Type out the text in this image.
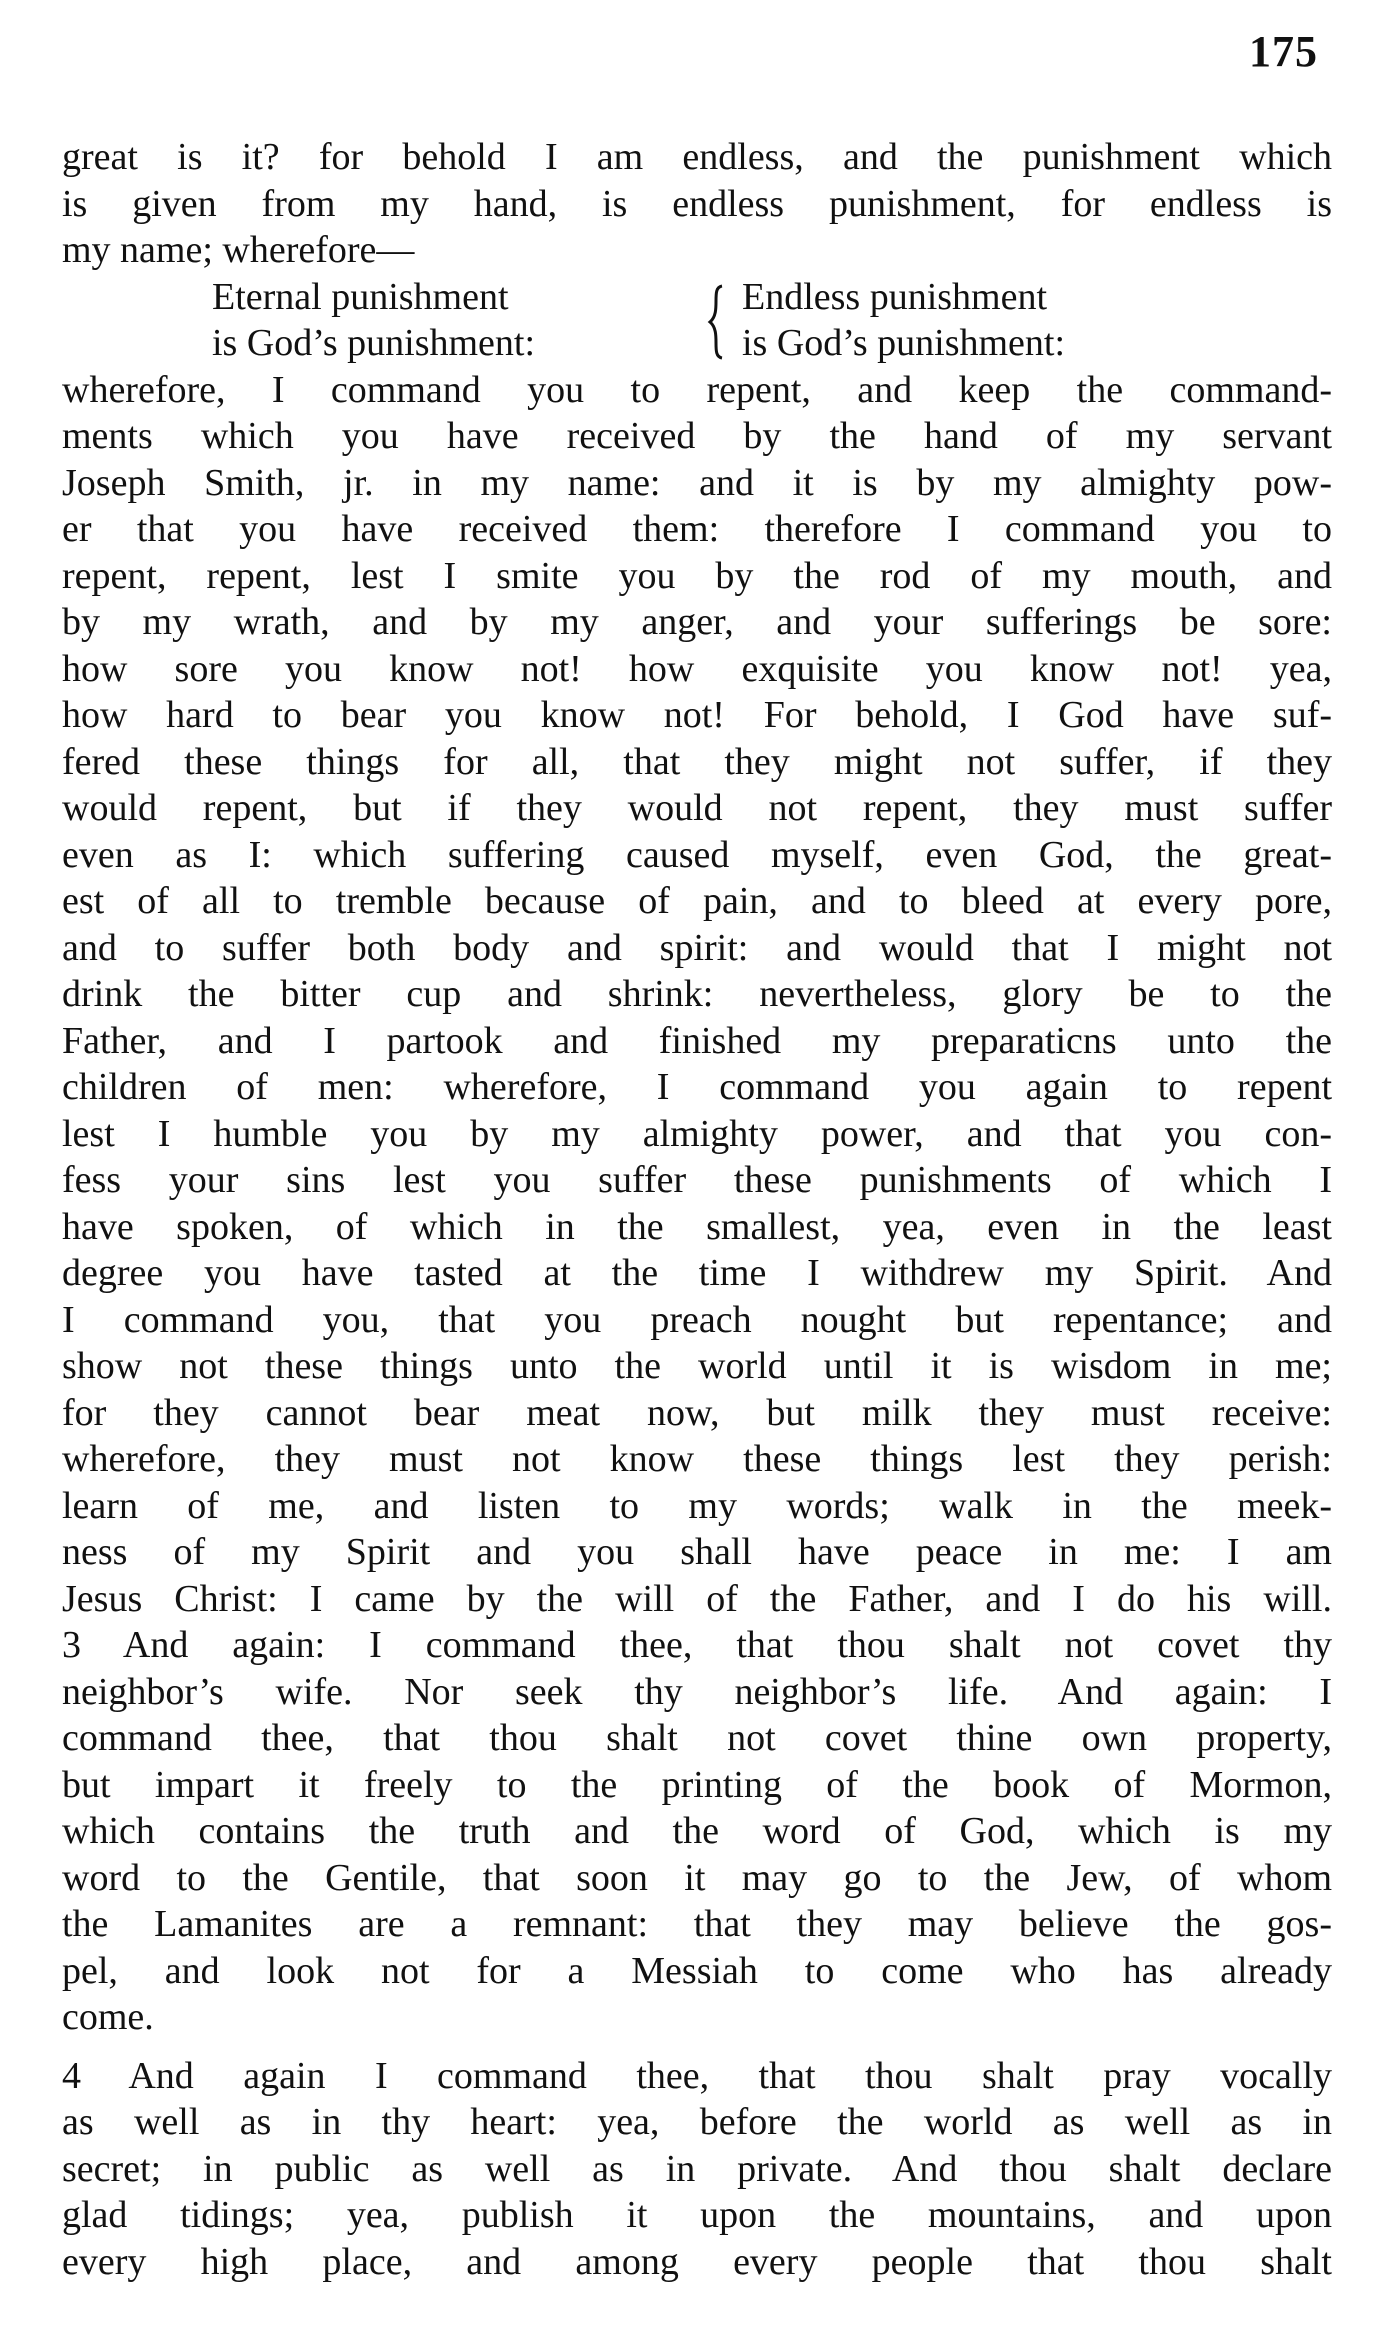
175
great is it? for behold I am endless, and the punishment which
is given from my hand, is endless punishment, for endless is
my name; wherefore—
Eternal punishment
is God’s punishment:
Endless punishment
is God’s punishment:
wherefore, I command you to repent, and keep the command-
ments which you have received by the hand of my servant
Joseph Smith, jr. in my name: and it is by my almighty pow-
er that you have received them: therefore I command you to
repent, repent, lest I smite you by the rod of my mouth, and
by my wrath, and by my anger, and your sufferings be sore:
how sore you know not! how exquisite you know not! yea,
how hard to bear you know not! For behold, I God have suf-
fered these things for all, that they might not suffer, if they
would repent, but if they would not repent, they must suffer
even as I: which suffering caused myself, even God, the great-
est of all to tremble because of pain, and to bleed at every pore,
and to suffer both body and spirit: and would that I might not
drink the bitter cup and shrink: nevertheless, glory be to the
Father, and I partook and finished my preparaticns unto the
children of men: wherefore, I command you again to repent
lest I humble you by my almighty power, and that you con-
fess your sins lest you suffer these punishments of which I
have spoken, of which in the smallest, yea, even in the least
degree you have tasted at the time I withdrew my Spirit. And
I command you, that you preach nought but repentance; and
show not these things unto the world until it is wisdom in me;
for they cannot bear meat now, but milk they must receive:
wherefore, they must not know these things lest they perish:
learn of me, and listen to my words; walk in the meek-
ness of my Spirit and you shall have peace in me: I am
Jesus Christ: I came by the will of the Father, and I do his will.
3 And again: I command thee, that thou shalt not covet thy
neighbor’s wife. Nor seek thy neighbor’s life. And again: I
command thee, that thou shalt not covet thine own property,
but impart it freely to the printing of the book of Mormon,
which contains the truth and the word of God, which is my
word to the Gentile, that soon it may go to the Jew, of whom
the Lamanites are a remnant: that they may believe the gos-
pel, and look not for a Messiah to come who has already
come.
4 And again I command thee, that thou shalt pray vocally
as well as in thy heart: yea, before the world as well as in
secret; in public as well as in private. And thou shalt declare
glad tidings; yea, publish it upon the mountains, and upon
every high place, and among every people that thou shalt
